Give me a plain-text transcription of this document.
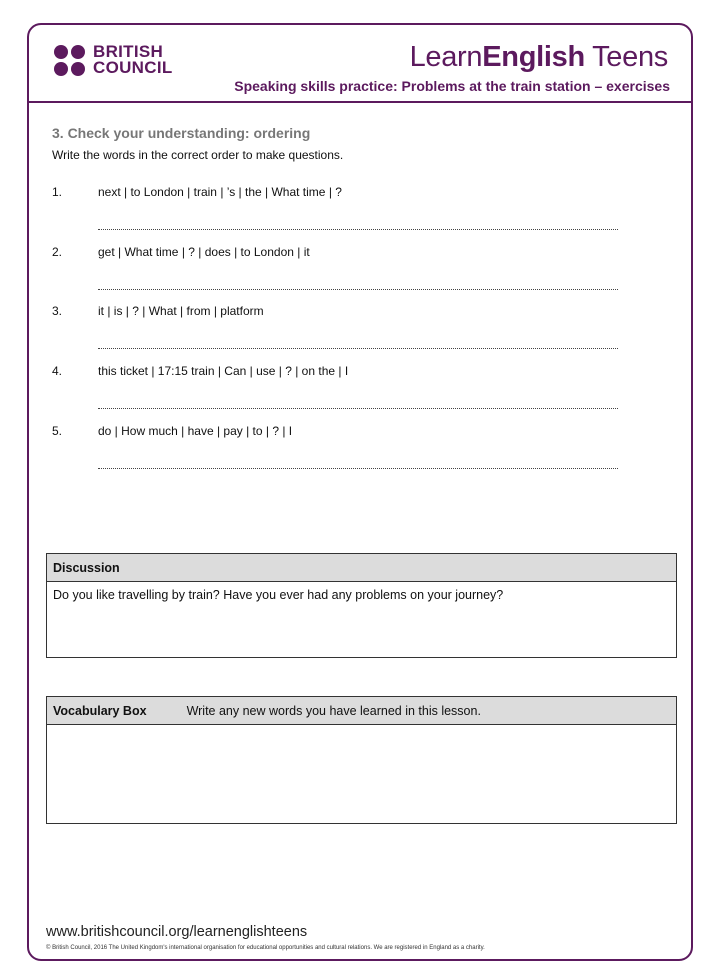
BRITISH
COUNCIL	LearnEnglish Teens
Speaking skills practice: Problems at the train station – exercises
3. Check your understanding: ordering
Write the words in the correct order to make questions.
1.	next | to London | train | ’s | the | What time | ?
2.	get | What time | ? | does | to London | it
3.	it | is | ? | What | from | platform
4.	this ticket | 17:15 train | Can | use | ? | on the | I
5.	do | How much | have | pay | to | ? | I
Discussion
Do you like travelling by train? Have you ever had any problems on your journey?
Vocabulary Box	Write any new words you have learned in this lesson.
www.britishcouncil.org/learnenglishteens
© British Council, 2016 The United Kingdom's international organisation for educational opportunities and cultural relations. We are registered in England as a charity.
